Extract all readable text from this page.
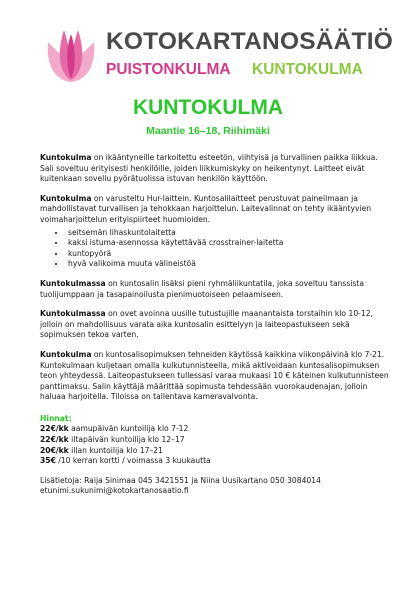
KOTOKARTANOSÄÄTIÖ
PUISTONKULMA KUNTOKULMA
KUNTOKULMA
Maantie 16–18, Riihimäki

Kuntokulma on ikääntyneille tarkoitettu esteetön, viihtyisä ja turvallinen paikka liikkua. Sali soveltuu erityisesti henkilöille, joiden liikkumiskyky on heikentynyt. Laitteet eivät kuitenkaan sovellu pyörätuolissa istuvan henkilön käyttöön.

Kuntokulma on varusteltu Hur-laittein. Kuntosalilaitteet perustuvat paineilmaan ja mahdollistavat turvallisen ja tehokkaan harjoittelun. Laitevalinnat on tehty ikääntyvien voimaharjoittelun erityispiirteet huomioiden.

• seitsemän lihaskuntolaitetta
• kaksi istuma-asennossa käytettävää crosstrainer-laitetta
• kuntopyörä
• hyvä valikoima muuta välineistöä

Kuntokulmassa on kuntosalin lisäksi pieni ryhmäliikuntatila, joka soveltuu tanssista tuolijumppaan ja tasapainoilusta pienimuotoiseen pelaamiseen.

Kuntokulmassa on ovet avoinna uusille tutustujille maanantaista torstaihin klo 10-12, jolloin on mahdollisuus varata aika kuntosalin esittelyyn ja laiteopastukseen sekä sopimuksen tekoa varten.

Kuntokulma on kuntosalisopimuksen tehneiden käytössä kaikkina viikonpäivinä klo 7-21. Kuntokulmaan kuljetaan omalla kulkutunnisteella, mikä aktivoidaan kuntosalisopimuksen teon yhteydessä. Laiteopastukseen tullessasi varaa mukaasi 10 € käteinen kulkutunnisteen panttimaksu. Salin käyttäjä määrittää sopimusta tehdessään vuorokaudenajan, jolloin haluaa harjoitella. Tiloissa on tallentava kameravalvonta.

Hinnat:
22€/kk aamupäivän kuntoilija klo 7-12
22€/kk iltapäivän kuntoilija klo 12–17
20€/kk illan kuntoilija klo 17–21
35€ /10 kerran kortti / voimassa 3 kuukautta
Lisätietoja: Raija Sinimaa 045 3421551 ja Niina Uusikartano 050 3084014
etunimi.sukunimi@kotokartanosaatio.fi
